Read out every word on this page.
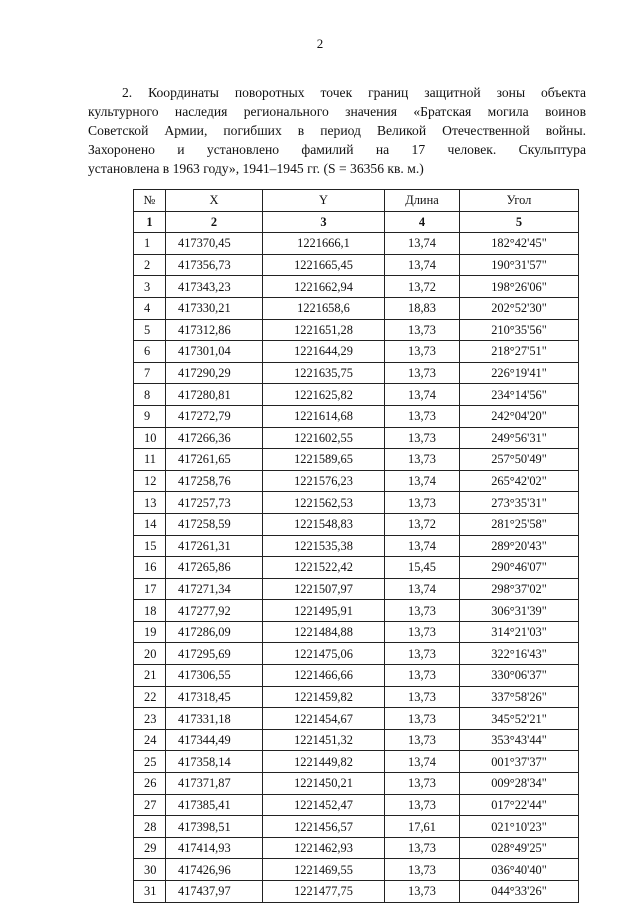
2
2. Координаты поворотных точек границ защитной зоны объекта
культурного наследия регионального значения «Братская могила воинов
Советской Армии, погибших в период Великой Отечественной войны.
Захоронено и установлено фамилий на 17 человек. Скульптура
установлена в 1963 году», 1941–1945 гг. (S = 36356 кв. м.)
№	X	Y	Длина	Угол
1	2	3	4	5
1	417370,45	1221666,1	13,74	182°42'45"
2	417356,73	1221665,45	13,74	190°31'57"
3	417343,23	1221662,94	13,72	198°26'06"
4	417330,21	1221658,6	18,83	202°52'30"
5	417312,86	1221651,28	13,73	210°35'56"
6	417301,04	1221644,29	13,73	218°27'51"
7	417290,29	1221635,75	13,73	226°19'41"
8	417280,81	1221625,82	13,74	234°14'56"
9	417272,79	1221614,68	13,73	242°04'20"
10	417266,36	1221602,55	13,73	249°56'31"
11	417261,65	1221589,65	13,73	257°50'49"
12	417258,76	1221576,23	13,74	265°42'02"
13	417257,73	1221562,53	13,73	273°35'31"
14	417258,59	1221548,83	13,72	281°25'58"
15	417261,31	1221535,38	13,74	289°20'43"
16	417265,86	1221522,42	15,45	290°46'07"
17	417271,34	1221507,97	13,74	298°37'02"
18	417277,92	1221495,91	13,73	306°31'39"
19	417286,09	1221484,88	13,73	314°21'03"
20	417295,69	1221475,06	13,73	322°16'43"
21	417306,55	1221466,66	13,73	330°06'37"
22	417318,45	1221459,82	13,73	337°58'26"
23	417331,18	1221454,67	13,73	345°52'21"
24	417344,49	1221451,32	13,73	353°43'44"
25	417358,14	1221449,82	13,74	001°37'37"
26	417371,87	1221450,21	13,73	009°28'34"
27	417385,41	1221452,47	13,73	017°22'44"
28	417398,51	1221456,57	17,61	021°10'23"
29	417414,93	1221462,93	13,73	028°49'25"
30	417426,96	1221469,55	13,73	036°40'40"
31	417437,97	1221477,75	13,73	044°33'26"
